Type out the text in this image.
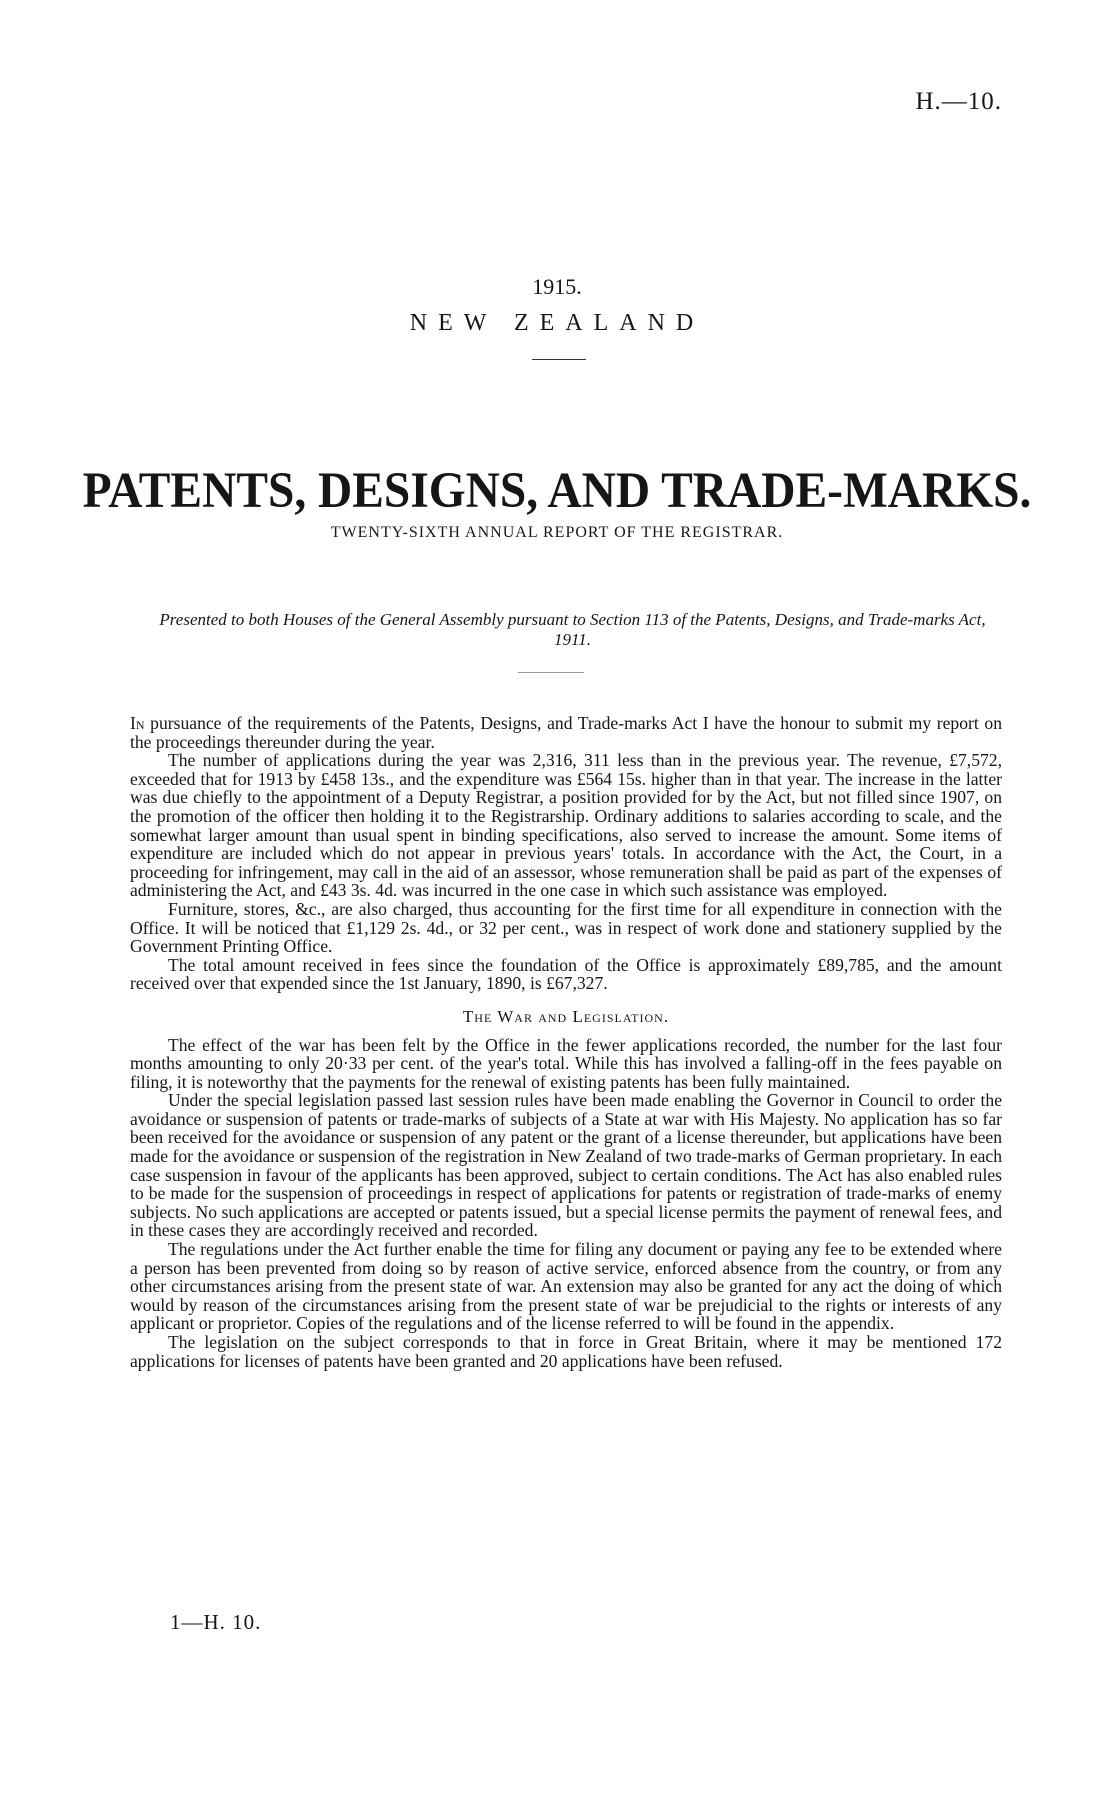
H.—10.
1915.
NEW ZEALAND
PATENTS, DESIGNS, AND TRADE-MARKS.
TWENTY-SIXTH ANNUAL REPORT OF THE REGISTRAR.
Presented to both Houses of the General Assembly pursuant to Section 113 of the Patents, Designs, and Trade-marks Act, 1911.

In pursuance of the requirements of the Patents, Designs, and Trade-marks Act I have the honour to submit my report on the proceedings thereunder during the year.

The number of applications during the year was 2,316, 311 less than in the previous year. The revenue, £7,572, exceeded that for 1913 by £458 13s., and the expenditure was £564 15s. higher than in that year. The increase in the latter was due chiefly to the appointment of a Deputy Registrar, a position provided for by the Act, but not filled since 1907, on the promotion of the officer then holding it to the Registrarship. Ordinary additions to salaries according to scale, and the somewhat larger amount than usual spent in binding specifications, also served to increase the amount. Some items of expenditure are included which do not appear in previous years' totals. In accordance with the Act, the Court, in a proceeding for infringement, may call in the aid of an assessor, whose remuneration shall be paid as part of the expenses of administering the Act, and £43 3s. 4d. was incurred in the one case in which such assistance was employed.

Furniture, stores, &c., are also charged, thus accounting for the first time for all expenditure in connection with the Office. It will be noticed that £1,129 2s. 4d., or 32 per cent., was in respect of work done and stationery supplied by the Government Printing Office.

The total amount received in fees since the foundation of the Office is approximately £89,785, and the amount received over that expended since the 1st January, 1890, is £67,327.

The War and Legislation.

The effect of the war has been felt by the Office in the fewer applications recorded, the number for the last four months amounting to only 20·33 per cent. of the year's total. While this has involved a falling-off in the fees payable on filing, it is noteworthy that the payments for the renewal of existing patents has been fully maintained.

Under the special legislation passed last session rules have been made enabling the Governor in Council to order the avoidance or suspension of patents or trade-marks of subjects of a State at war with His Majesty. No application has so far been received for the avoidance or suspension of any patent or the grant of a license thereunder, but applications have been made for the avoidance or suspension of the registration in New Zealand of two trade-marks of German proprietary. In each case suspension in favour of the applicants has been approved, subject to certain conditions. The Act has also enabled rules to be made for the suspension of proceedings in respect of applications for patents or registration of trade-marks of enemy subjects. No such applications are accepted or patents issued, but a special license permits the payment of renewal fees, and in these cases they are accordingly received and recorded.

The regulations under the Act further enable the time for filing any document or paying any fee to be extended where a person has been prevented from doing so by reason of active service, enforced absence from the country, or from any other circumstances arising from the present state of war. An extension may also be granted for any act the doing of which would by reason of the circumstances arising from the present state of war be prejudicial to the rights or interests of any applicant or proprietor. Copies of the regulations and of the license referred to will be found in the appendix.

The legislation on the subject corresponds to that in force in Great Britain, where it may be mentioned 172 applications for licenses of patents have been granted and 20 applications have been refused.

1—H. 10.
